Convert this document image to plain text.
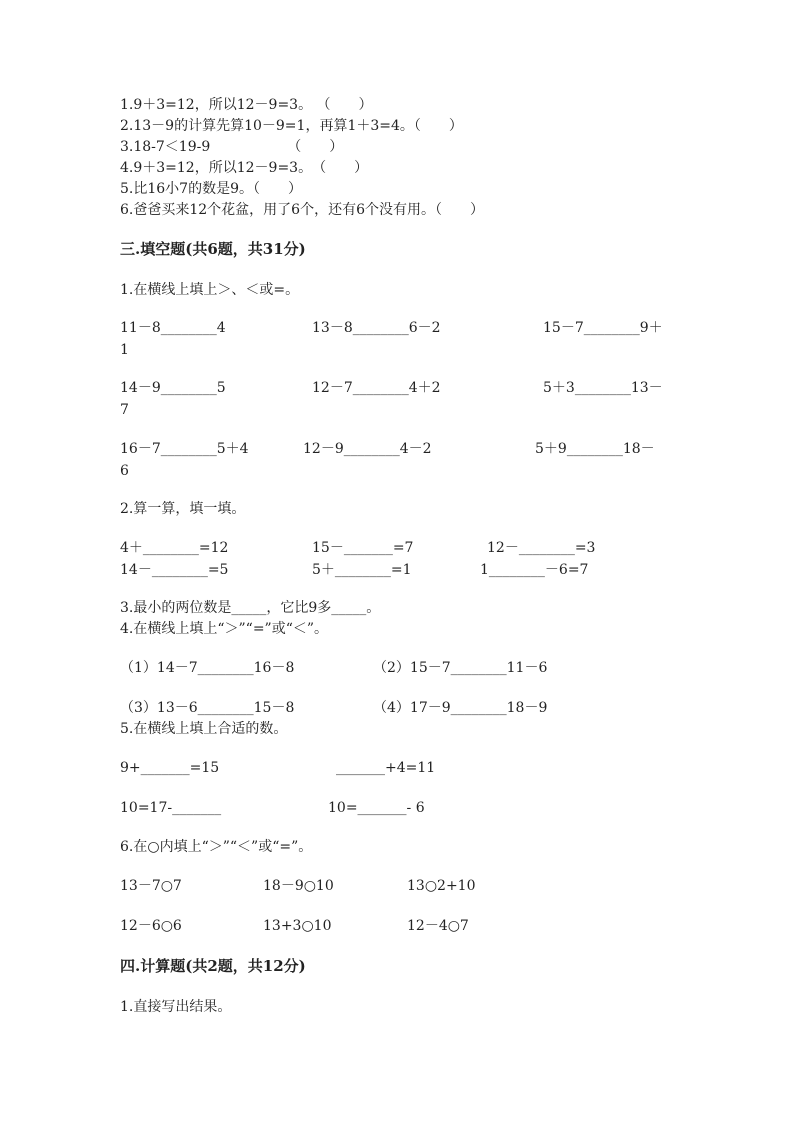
1.9＋3=12，所以12－9=3。 （　　）
2.13－9的计算先算10－9=1，再算1＋3=4。（　　）
3.18-7＜19-9　　　　　　（　　）
4.9＋3=12，所以12－9=3。　（　　）
5.比16小7的数是9。（　　）
6.爸爸买来12个花盆，用了6个，还有6个没有用。（　　）
三.填空题(共6题，共31分)
1.在横线上填上＞、＜或=。
11－8________4	13－8________6－2	15－7________9＋
1
14－9________5	12－7________4＋2	5＋3________13－
7
16－7________5＋4	12－9________4－2	5＋9________18－
6
2.算一算，填一填。
4＋________=12	15－_______=7	12－________=3
14－________=5	5＋________=1	1________－6=7
3.最小的两位数是_____，它比9多_____。
4.在横线上填上“＞”“=”或“＜”。
（1）14－7________16－8	（2）15－7________11－6
（3）13－6________15－8	（4）17－9________18－9
5.在横线上填上合适的数。
9+_______=15	_______+4=11
10=17-_______	10=_______- 6
6.在○内填上“＞”“＜”或“=”。
13－7○7	18－9○10	13○2+10
12－6○6	13+3○10	12－4○7
四.计算题(共2题，共12分)
1.直接写出结果。
